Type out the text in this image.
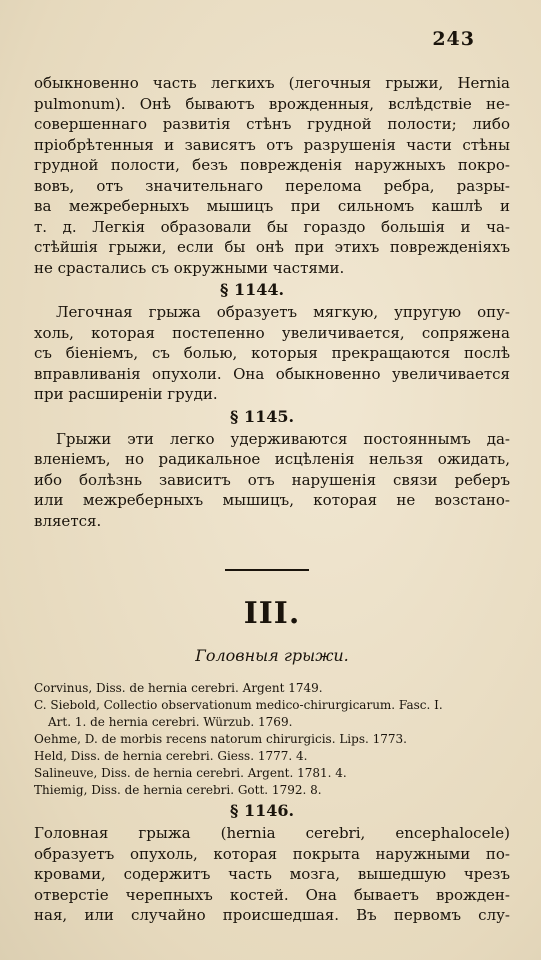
243
обыкновенно часть легкихъ (легочныя грыжи, Hernia
pulmonum). Онѣ бываютъ врожденныя, вслѣдствіе не-
совершеннаго развитія стѣнъ грудной полости; либо
пріобрѣтенныя и зависятъ отъ разрушенія части стѣны
грудной полости, безъ поврежденія наружныхъ покро-
вовъ, отъ значительнаго перелома ребра, разры-
ва межреберныхъ мышицъ при сильномъ кашлѣ и
т. д. Легкія образовали бы гораздо большія и ча-
стѣйшія грыжи, если бы онѣ при этихъ поврежденіяхъ
не срастались съ окружными частями.
§ 1144.
Легочная грыжа образуетъ мягкую, упругую опу-
холь, которая постепенно увеличивается, сопряжена
съ біеніемъ, съ болью, которыя прекращаются послѣ
вправливанія опухоли. Она обыкновенно увеличивается
при расширеніи груди.
§ 1145.
Грыжи эти легко удерживаются постояннымъ да-
вленіемъ, но радикальное исцѣленія нельзя ожидать,
ибо болѣзнь зависитъ отъ нарушенія связи реберъ
или межреберныхъ мышицъ, которая не возстано-
вляется.
III.
Головныя грыжи.
Corvinus, Diss. de hernia cerebri. Argent 1749.
C. Siebold, Collectio observationum medico-chirurgicarum. Fasc. I.
Art. 1. de hernia cerebri. Würzub. 1769.
Oehme, D. de morbis recens natorum chirurgicis. Lips. 1773.
Held, Diss. de hernia cerebri. Giess. 1777. 4.
Salineuve, Diss. de hernia cerebri. Argent. 1781. 4.
Thiemig, Diss. de hernia cerebri. Gott. 1792. 8.
§ 1146.
Головная грыжа (hernia cerebri, encephalocele)
образуетъ опухоль, которая покрыта наружными по-
кровами, содержитъ часть мозга, вышедшую чрезъ
отверстіе черепныхъ костей. Она бываетъ врожден-
ная, или случайно происшедшая. Въ первомъ слу-
